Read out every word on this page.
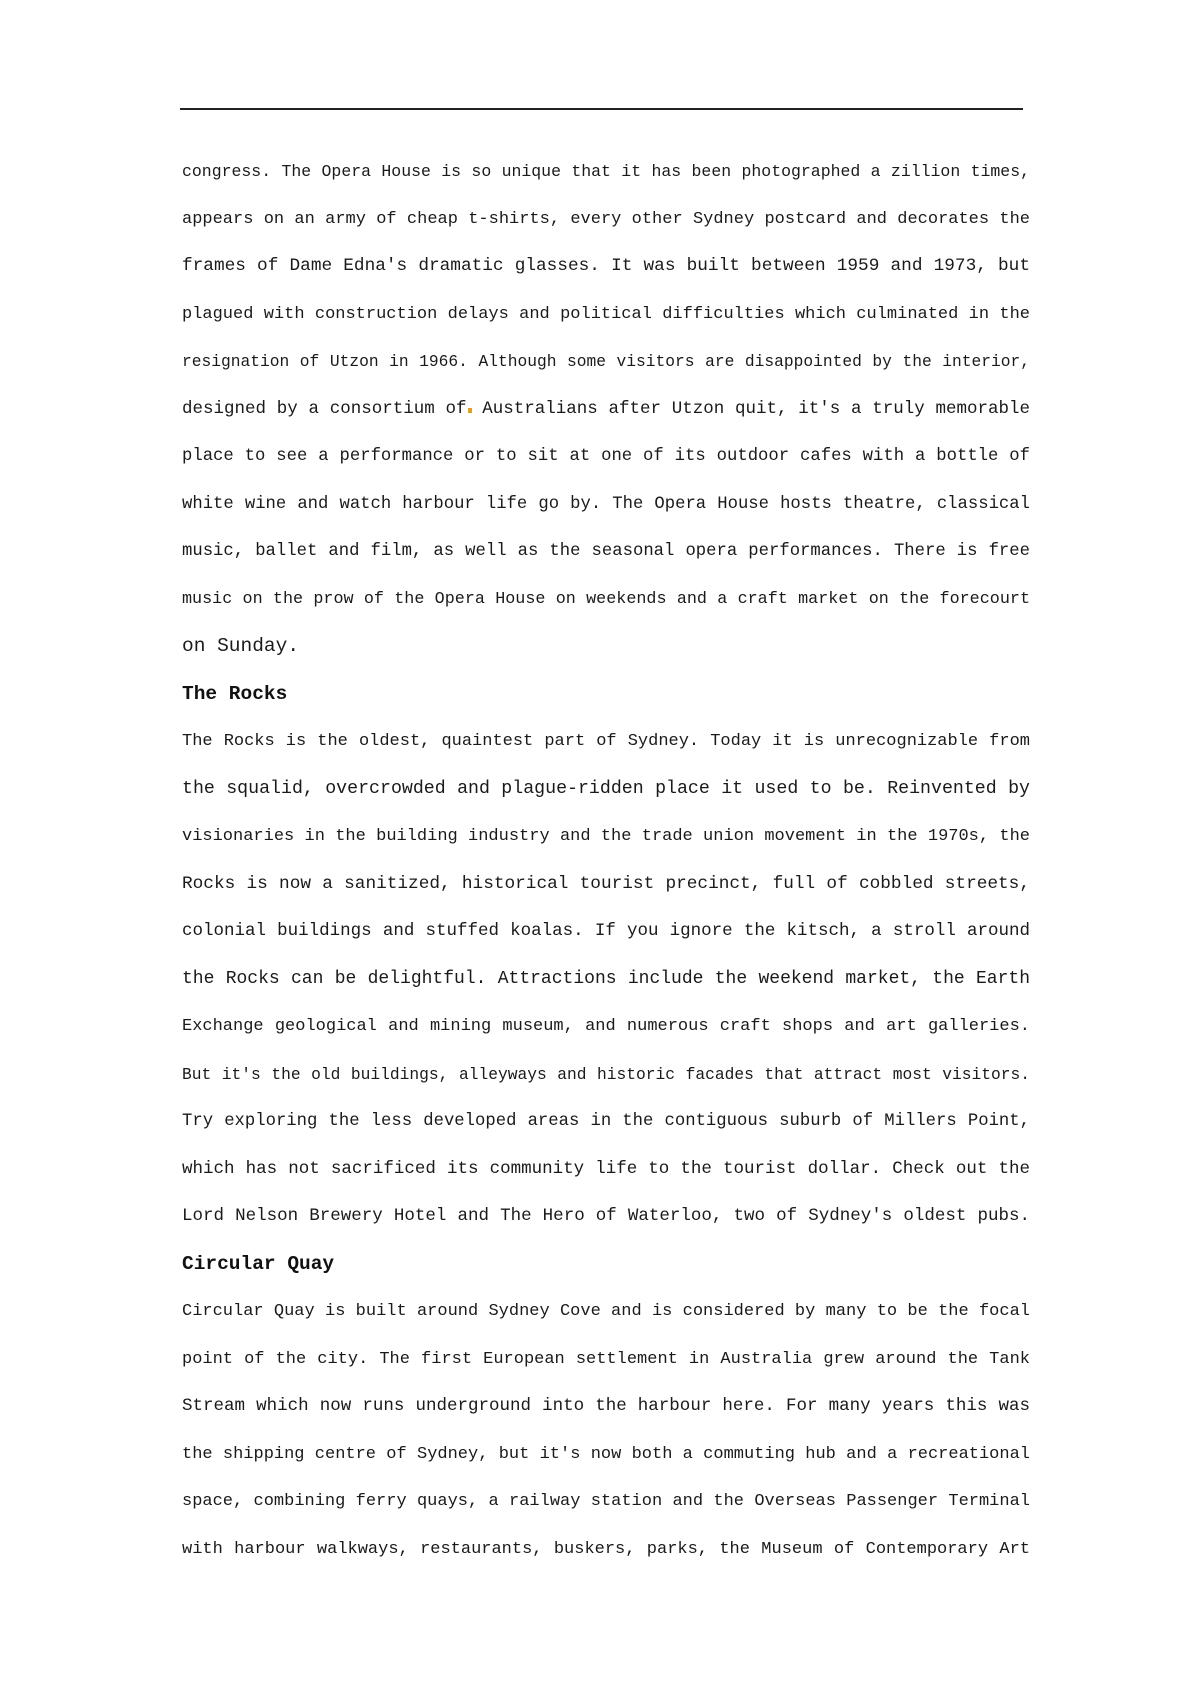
congress. The Opera House is so unique that it has been photographed a zillion times,
appears on an army of cheap t-shirts, every other Sydney postcard and decorates the
frames of Dame Edna's dramatic glasses. It was built between 1959 and 1973, but
plagued with construction delays and political difficulties which culminated in the
resignation of Utzon in 1966. Although some visitors are disappointed by the interior,
designed by a consortium of Australians after Utzon quit, it's a truly memorable
place to see a performance or to sit at one of its outdoor cafes with a bottle of
white wine and watch harbour life go by. The Opera House hosts theatre, classical
music, ballet and film, as well as the seasonal opera performances. There is free
music on the prow of the Opera House on weekends and a craft market on the forecourt
on Sunday.
The Rocks
The Rocks is the oldest, quaintest part of Sydney. Today it is unrecognizable from
the squalid, overcrowded and plague-ridden place it used to be. Reinvented by
visionaries in the building industry and the trade union movement in the 1970s, the
Rocks is now a sanitized, historical tourist precinct, full of cobbled streets,
colonial buildings and stuffed koalas. If you ignore the kitsch, a stroll around
the Rocks can be delightful. Attractions include the weekend market, the Earth
Exchange geological and mining museum, and numerous craft shops and art galleries.
But it's the old buildings, alleyways and historic facades that attract most visitors.
Try exploring the less developed areas in the contiguous suburb of Millers Point,
which has not sacrificed its community life to the tourist dollar. Check out the
Lord Nelson Brewery Hotel and The Hero of Waterloo, two of Sydney's oldest pubs.
Circular Quay
Circular Quay is built around Sydney Cove and is considered by many to be the focal
point of the city. The first European settlement in Australia grew around the Tank
Stream which now runs underground into the harbour here. For many years this was
the shipping centre of Sydney, but it's now both a commuting hub and a recreational
space, combining ferry quays, a railway station and the Overseas Passenger Terminal
with harbour walkways, restaurants, buskers, parks, the Museum of Contemporary Art
